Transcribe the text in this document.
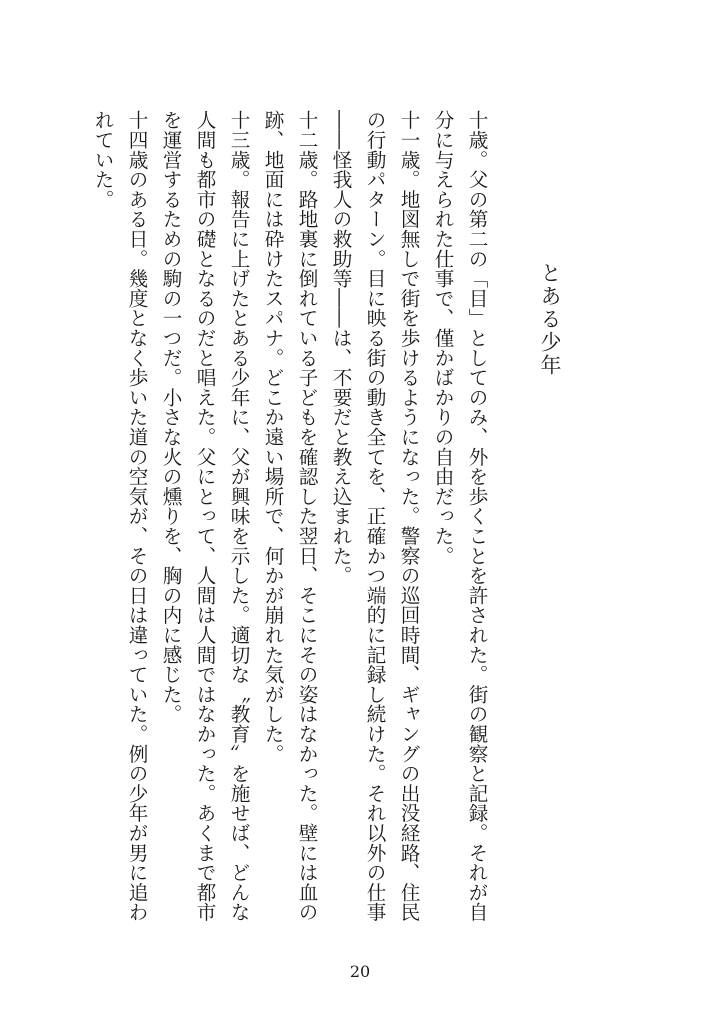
とある少年

十歳。父の第二の「目」としてのみ、外を歩くことを許された。街の観察と記録。それが自分に与えられた仕事で、僅かばかりの自由だった。

十一歳。地図無しで街を歩けるようになった。警察の巡回時間、ギャングの出没経路、住民の行動パターン。目に映る街の動き全てを、正確かつ端的に記録し続けた。それ以外の仕事――怪我人の救助等――は、不要だと教え込まれた。

十二歳。路地裏に倒れている子どもを確認した翌日、そこにその姿はなかった。壁には血の跡、地面には砕けたスパナ。どこか遠い場所で、何かが崩れた気がした。

十三歳。報告に上げたとある少年に、父が興味を示した。適切な〝教育〟を施せば、どんな人間も都市の礎となるのだと唱えた。父にとって、人間は人間ではなかった。あくまで都市を運営するための駒の一つだ。小さな火の燻りを、胸の内に感じた。

十四歳のある日。幾度となく歩いた道の空気が、その日は違っていた。例の少年が男に追われていた。

20
